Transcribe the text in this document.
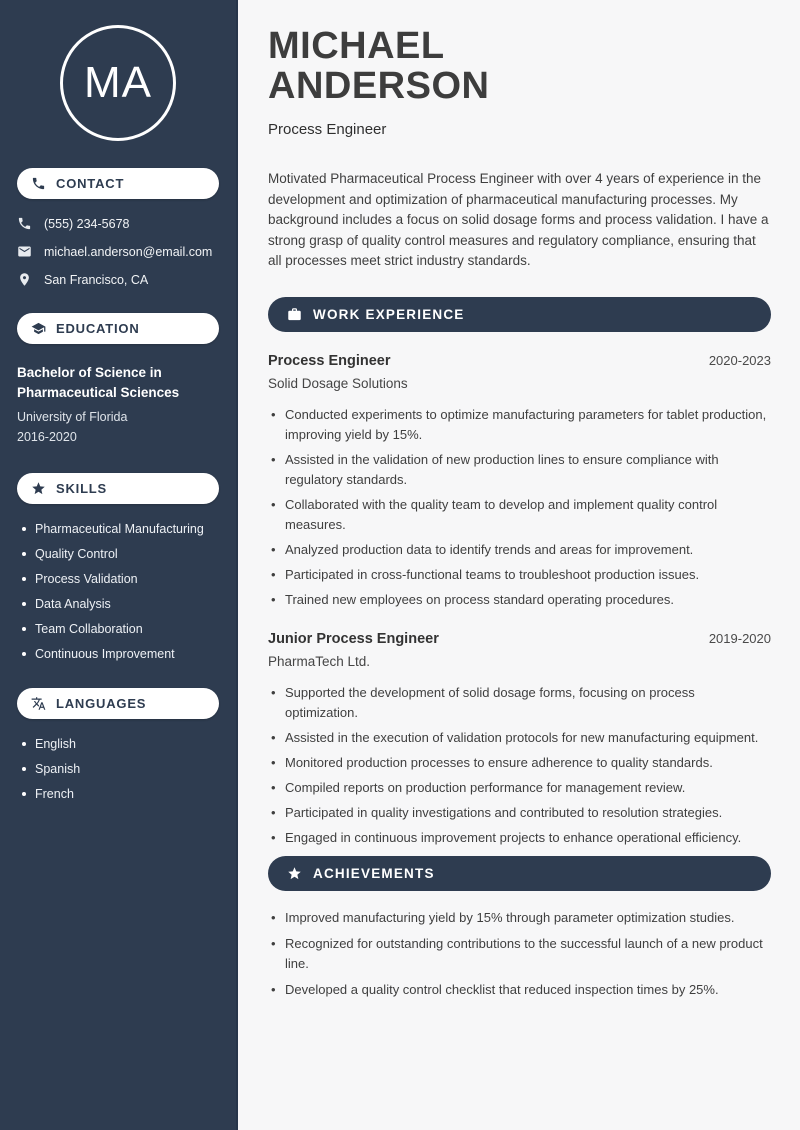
MA
CONTACT
(555) 234-5678
michael.anderson@email.com
San Francisco, CA
EDUCATION
Bachelor of Science in Pharmaceutical Sciences
University of Florida
2016-2020
SKILLS
Pharmaceutical Manufacturing
Quality Control
Process Validation
Data Analysis
Team Collaboration
Continuous Improvement
LANGUAGES
English
Spanish
French
MICHAEL
ANDERSON
Process Engineer

Motivated Pharmaceutical Process Engineer with over 4 years of experience in the development and optimization of pharmaceutical manufacturing processes. My background includes a focus on solid dosage forms and process validation. I have a strong grasp of quality control measures and regulatory compliance, ensuring that all processes meet strict industry standards.

WORK EXPERIENCE
Process Engineer	2020-2023
Solid Dosage Solutions
• Conducted experiments to optimize manufacturing parameters for tablet production, improving yield by 15%.
• Assisted in the validation of new production lines to ensure compliance with regulatory standards.
• Collaborated with the quality team to develop and implement quality control measures.
• Analyzed production data to identify trends and areas for improvement.
• Participated in cross-functional teams to troubleshoot production issues.
• Trained new employees on process standard operating procedures.
Junior Process Engineer	2019-2020
PharmaTech Ltd.
• Supported the development of solid dosage forms, focusing on process optimization.
• Assisted in the execution of validation protocols for new manufacturing equipment.
• Monitored production processes to ensure adherence to quality standards.
• Compiled reports on production performance for management review.
• Participated in quality investigations and contributed to resolution strategies.
• Engaged in continuous improvement projects to enhance operational efficiency.
ACHIEVEMENTS
• Improved manufacturing yield by 15% through parameter optimization studies.
• Recognized for outstanding contributions to the successful launch of a new product line.
• Developed a quality control checklist that reduced inspection times by 25%.
